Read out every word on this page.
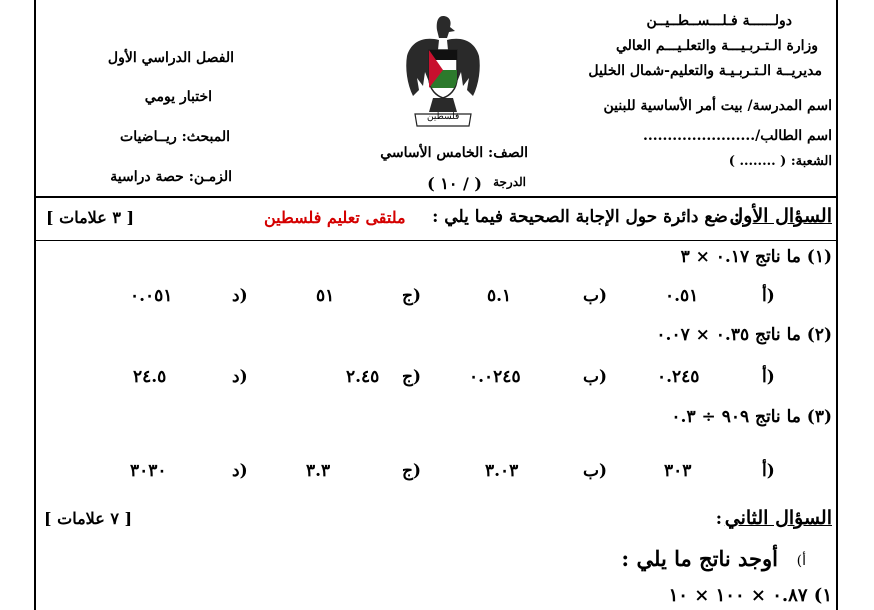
دولــــــة فـلـــســطــيــن
وزارة الـتـربـيـــة والتعلـيـــم العالي
مديريــة الـتـربـيـة والتعليم-شمال الخليل
اسم المدرسة/ بيت أمر الأساسية للبنين
اسم الطالب/.......................
الشعبة: ( ........ )
فلسطين
الصف: الخامس الأساسي
الدرجة
( / ١٠ )
الفصل الدراسي الأول
اختبار يومي
المبحث: ريــاضيات
الزمـن: حصة دراسية
السؤال الأول
: ضع دائرة حول الإجابة الصحيحة فيما يلي :
ملتقى تعليم فلسطين
[ ٣ علامات ]
(١) ما ناتج ٠.١٧ × ٣
أ)
٠.٥١
ب)
٥.١
ج)
٥١
د)
٠.٠٥١
(٢) ما ناتج ٠.٣٥ × ٠.٠٧
أ)
٠.٢٤٥
ب)
٠.٠٢٤٥
ج)
٢.٤٥
د)
٢٤.٥
(٣) ما ناتج ٩٠٩ ÷ ٠.٣
أ)
٣٠٣
ب)
٣.٠٣
ج)
٣.٣
د)
٣٠٣٠
السؤال الثاني
:
[ ٧ علامات ]
أ)
أوجد ناتج ما يلي :
١) ٠.٨٧ × ١٠٠ × ١٠
